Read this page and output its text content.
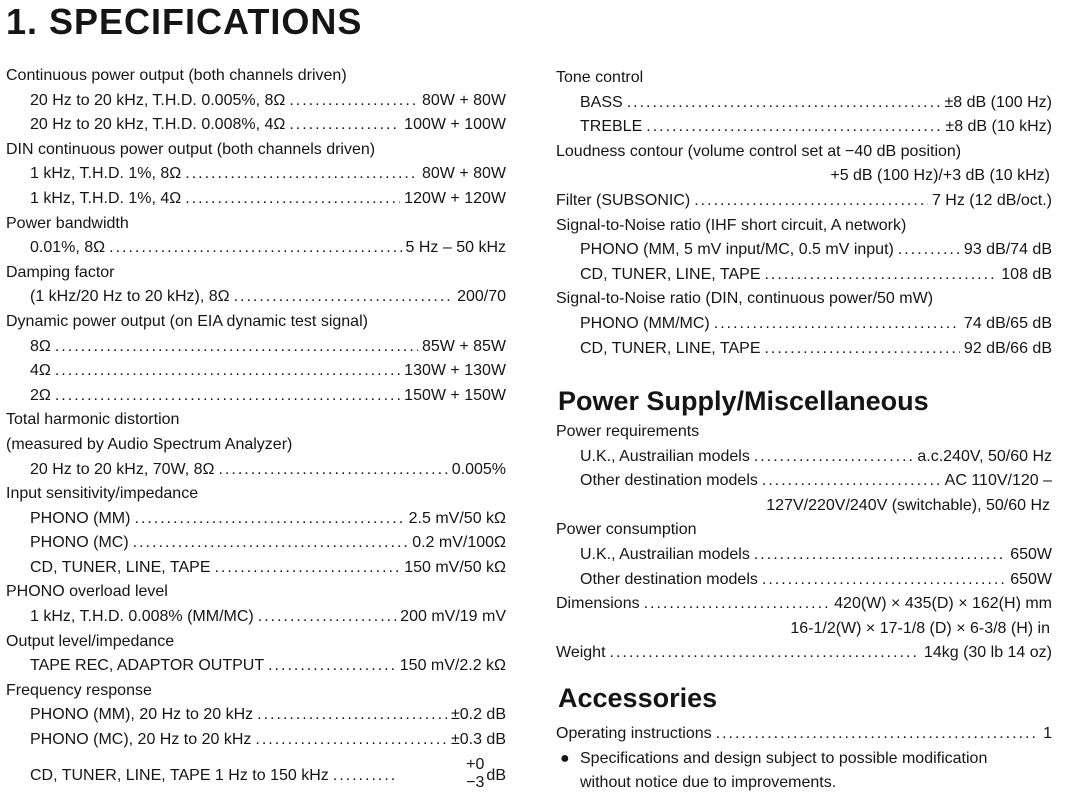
1. SPECIFICATIONS
Continuous power output (both channels driven)
20 Hz to 20 kHz, T.H.D. 0.005%, 8Ω .....	80W + 80W
20 Hz to 20 kHz, T.H.D. 0.008%, 4Ω .....	100W + 100W
DIN continuous power output (both channels driven)
1 kHz, T.H.D. 1%, 8Ω .....	80W + 80W
1 kHz, T.H.D. 1%, 4Ω .....	120W + 120W
Power bandwidth
0.01%, 8Ω .....	5 Hz – 50 kHz
Damping factor
(1 kHz/20 Hz to 20 kHz), 8Ω .....	200/70
Dynamic power output (on EIA dynamic test signal)
8Ω .....	85W + 85W
4Ω .....	130W + 130W
2Ω .....	150W + 150W
Total harmonic distortion
(measured by Audio Spectrum Analyzer)
20 Hz to 20 kHz, 70W, 8Ω .....	0.005%
Input sensitivity/impedance
PHONO (MM) .....	2.5 mV/50 kΩ
PHONO (MC) .....	0.2 mV/100Ω
CD, TUNER, LINE, TAPE .....	150 mV/50 kΩ
PHONO overload level
1 kHz, T.H.D. 0.008% (MM/MC) .....	200 mV/19 mV
Output level/impedance
TAPE REC, ADAPTOR OUTPUT .....	150 mV/2.2 kΩ
Frequency response
PHONO (MM), 20 Hz to 20 kHz .....	±0.2 dB
PHONO (MC), 20 Hz to 20 kHz .....	±0.3 dB
CD, TUNER, LINE, TAPE 1 Hz to 150 kHz ..........
+0
−3 dB
Tone control
BASS .....	±8 dB (100 Hz)
TREBLE .....	±8 dB (10 kHz)
Loudness contour (volume control set at −40 dB position)
+5 dB (100 Hz)/+3 dB (10 kHz)
Filter (SUBSONIC) .....	7 Hz (12 dB/oct.)
Signal-to-Noise ratio (IHF short circuit, A network)
PHONO (MM, 5 mV input/MC, 0.5 mV input) .....	93 dB/74 dB
CD, TUNER, LINE, TAPE .....	108 dB
Signal-to-Noise ratio (DIN, continuous power/50 mW)
PHONO (MM/MC) .....	74 dB/65 dB
CD, TUNER, LINE, TAPE .....	92 dB/66 dB
Power Supply/Miscellaneous
Power requirements
U.K., Austrailian models .....	a.c.240V, 50/60 Hz
Other destination models .....	AC 110V/120 –
127V/220V/240V (switchable), 50/60 Hz
Power consumption
U.K., Austrailian models .....	650W
Other destination models .....	650W
Dimensions .....	420(W) × 435(D) × 162(H) mm
16-1/2(W) × 17-1/8 (D) × 6-3/8 (H) in
Weight .....	14kg (30 lb 14 oz)
Accessories
Operating instructions .....	1
● Specifications and design subject to possible modification
without notice due to improvements.
